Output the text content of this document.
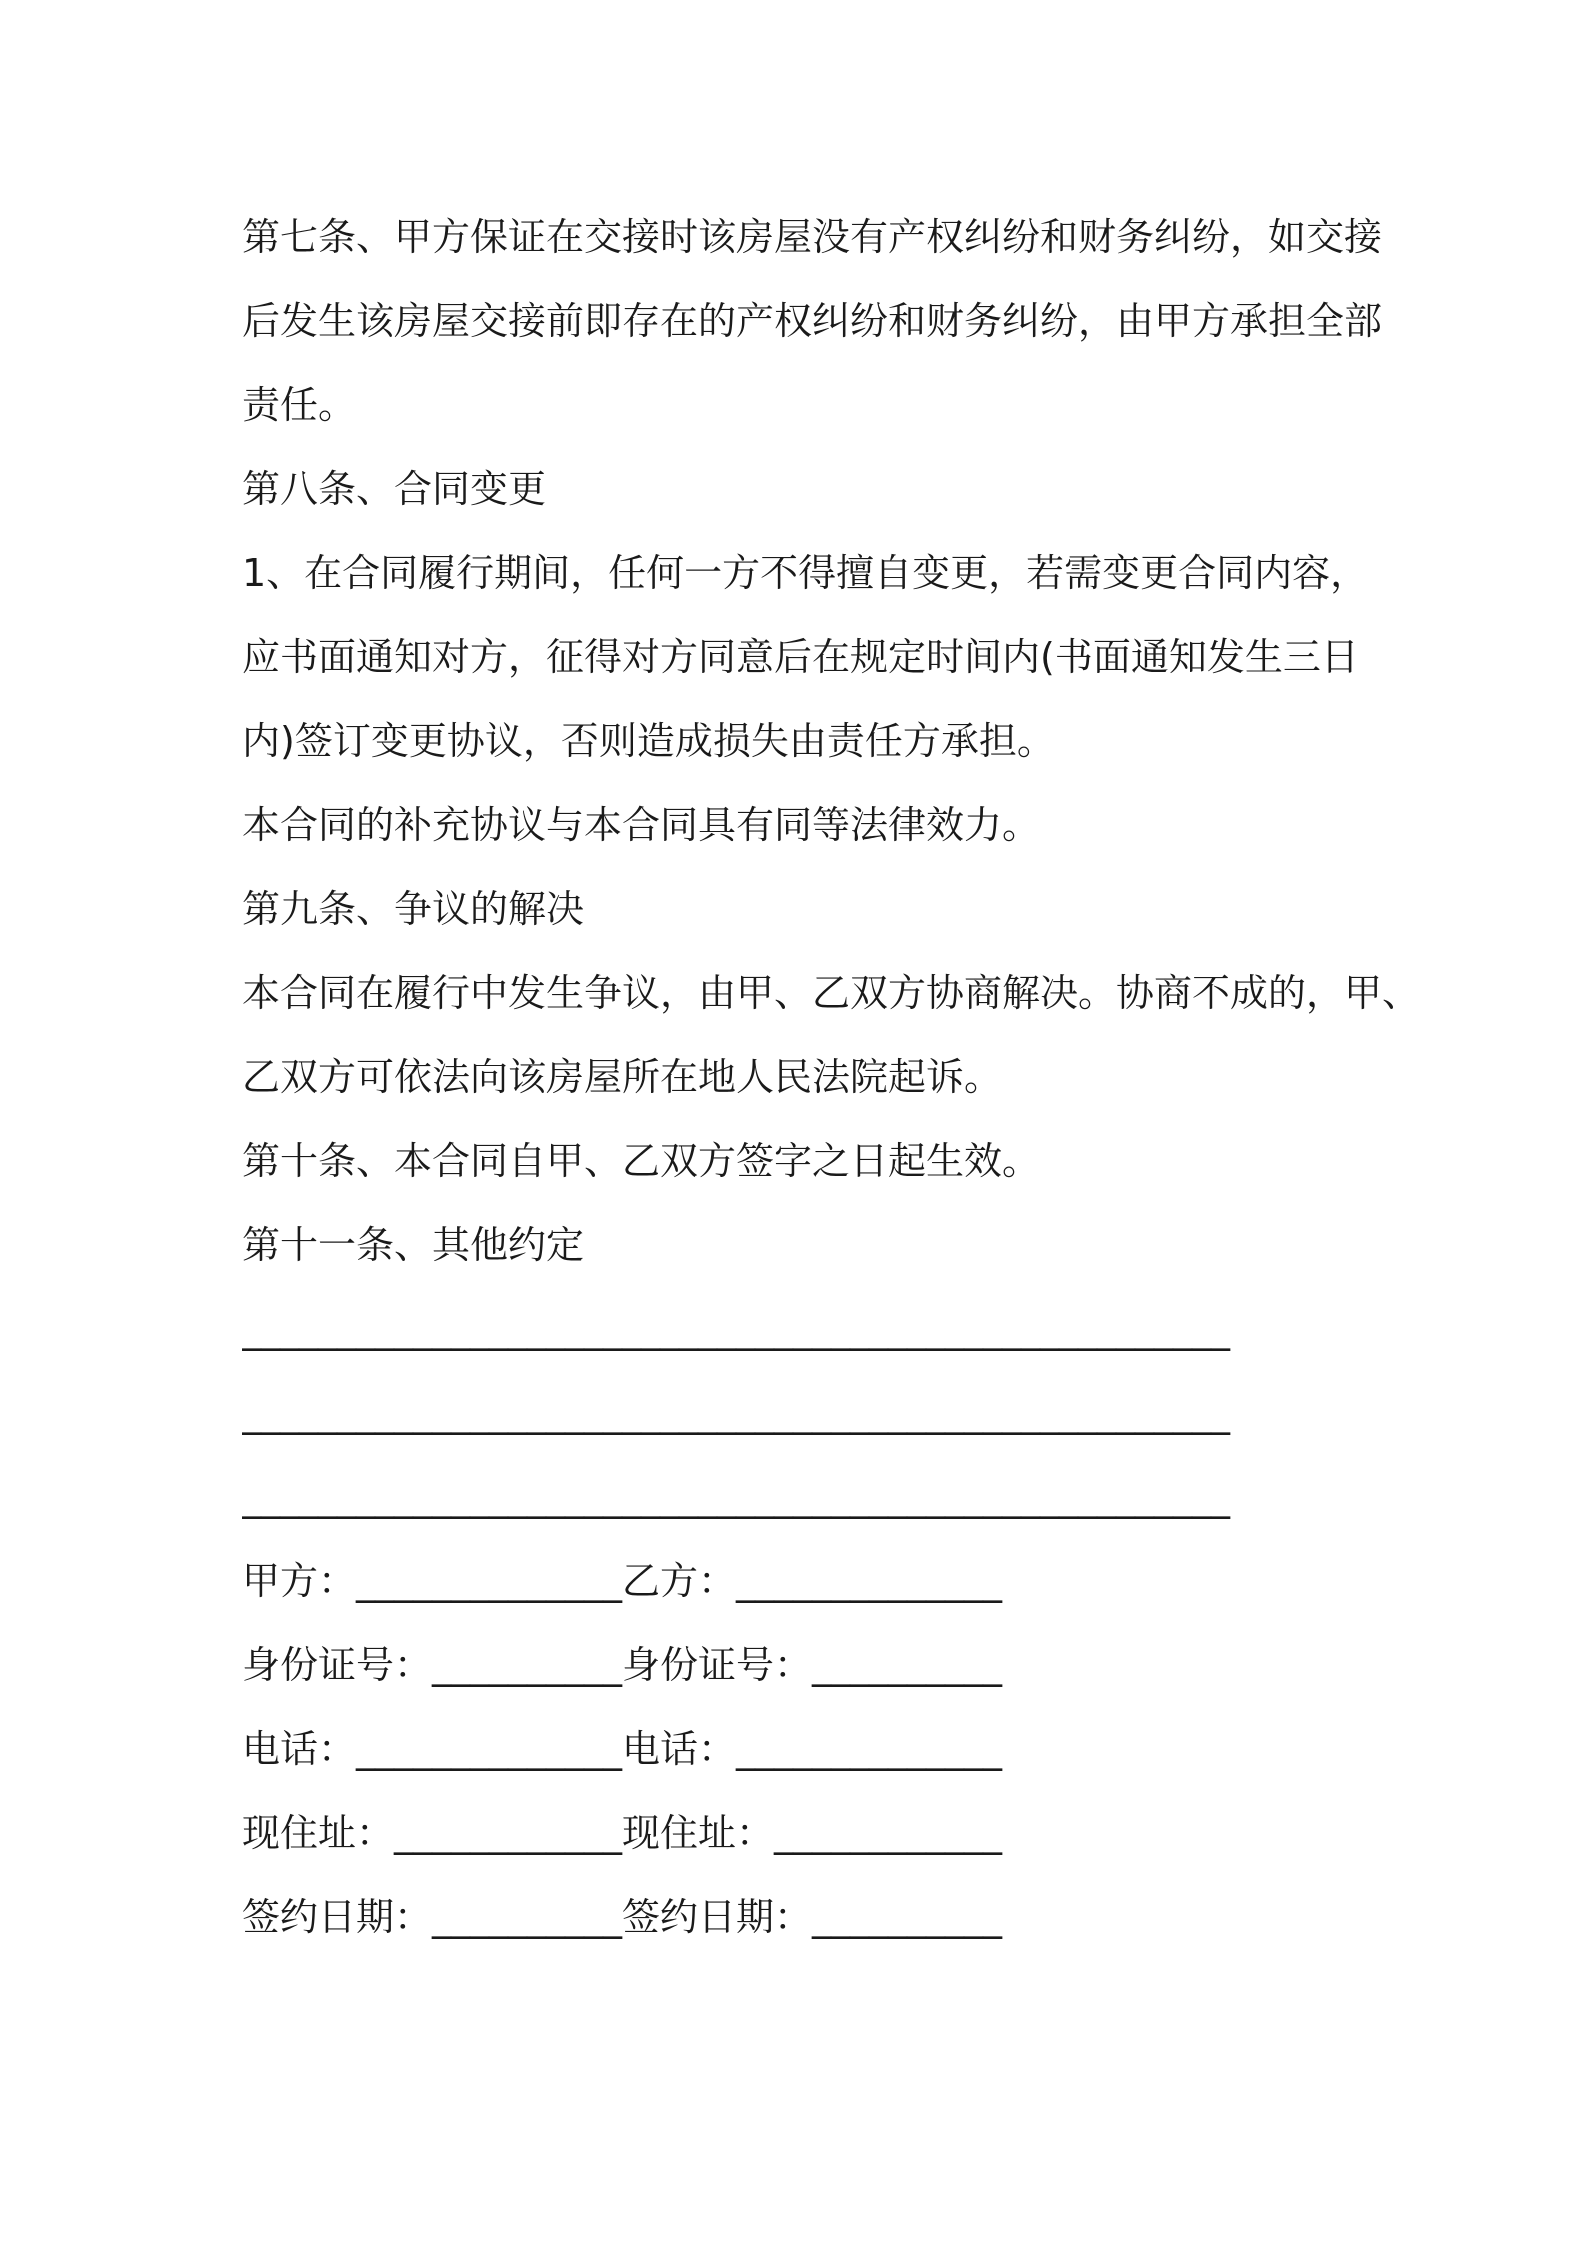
第七条、甲方保证在交接时该房屋没有产权纠纷和财务纠纷，如交接
后发生该房屋交接前即存在的产权纠纷和财务纠纷，由甲方承担全部
责任。
第八条、合同变更
1、在合同履行期间，任何一方不得擅自变更，若需变更合同内容，
应书面通知对方，征得对方同意后在规定时间内(书面通知发生三日
内)签订变更协议，否则造成损失由责任方承担。
本合同的补充协议与本合同具有同等法律效力。
第九条、争议的解决
本合同在履行中发生争议，由甲、乙双方协商解决。协商不成的，甲、
乙双方可依法向该房屋所在地人民法院起诉。
第十条、本合同自甲、乙双方签字之日起生效。
第十一条、其他约定
____________________________________________________
____________________________________________________
____________________________________________________
甲方：______________乙方：______________
身份证号：__________身份证号：__________
电话：______________电话：______________
现住址：____________现住址：____________
签约日期：__________签约日期：__________
